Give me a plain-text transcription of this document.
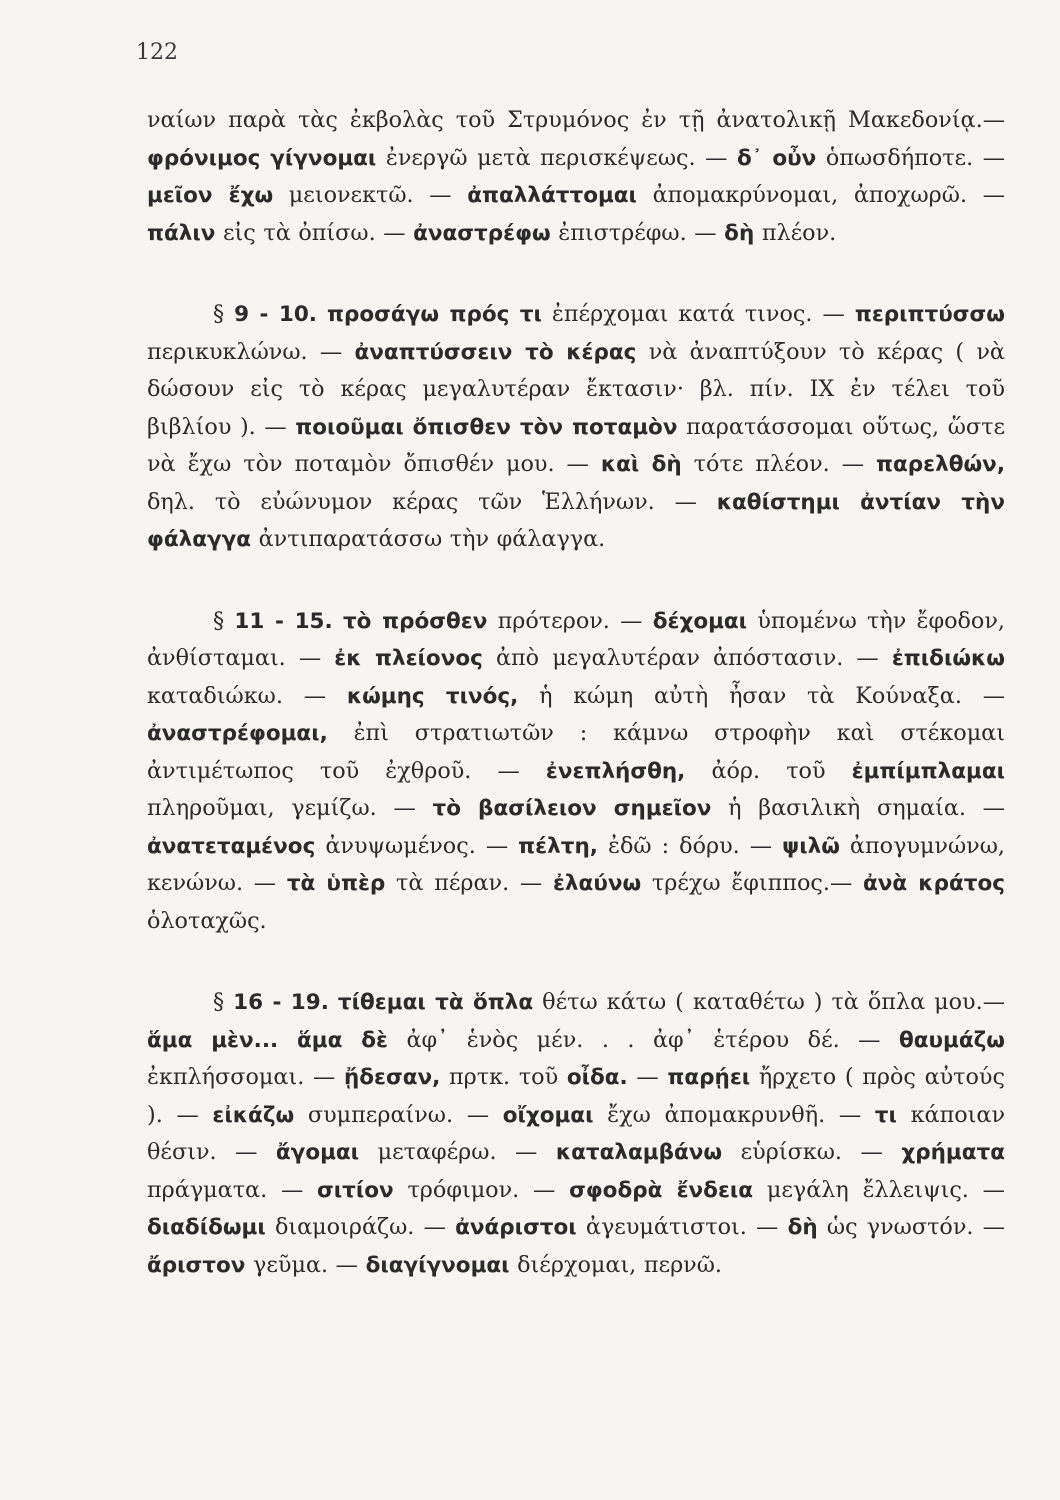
122

ναίων παρὰ τὰς ἐκβολὰς τοῦ Στρυμόνος ἐν τῇ ἀνατολικῇ Μακεδονίᾳ.— φρόνιμος γίγνομαι ἐνεργῶ μετὰ περισκέψεως. — δ᾽ οὖν ὁπωσδήποτε. — μεῖον ἔχω μειονεκτῶ. — ἀπαλλάττομαι ἀπομακρύνομαι, ἀποχωρῶ. — πάλιν εἰς τὰ ὀπίσω. — ἀναστρέφω ἐπιστρέφω. — δὴ πλέον.

§ 9 - 10. προσάγω πρός τι ἐπέρχομαι κατά τινος. — περιπτύσσω περικυκλώνω. — ἀναπτύσσειν τὸ κέρας νὰ ἀναπτύξουν τὸ κέρας ( νὰ δώσουν εἰς τὸ κέρας μεγαλυτέραν ἔκτασιν· βλ. πίν. IX ἐν τέλει τοῦ βιβλίου ). — ποιοῦμαι ὄπισθεν τὸν ποταμὸν παρατάσσομαι οὕτως, ὥστε νὰ ἔχω τὸν ποταμὸν ὄπισθέν μου. — καὶ δὴ τότε πλέον. — παρελθών, δηλ. τὸ εὐώνυμον κέρας τῶν Ἑλλήνων. — καθίστημι ἀντίαν τὴν φάλαγγα ἀντιπαρατάσσω τὴν φάλαγγα.

§ 11 - 15. τὸ πρόσθεν πρότερον. — δέχομαι ὑπομένω τὴν ἔφοδον, ἀνθίσταμαι. — ἐκ πλείονος ἀπὸ μεγαλυτέραν ἀπόστασιν. — ἐπιδιώκω καταδιώκω. — κώμης τινός, ἡ κώμη αὐτὴ ἦσαν τὰ Κούναξα. — ἀναστρέφομαι, ἐπὶ στρατιωτῶν : κάμνω στροφὴν καὶ στέκομαι ἀντιμέτωπος τοῦ ἐχθροῦ. — ἐνεπλήσθη, ἀόρ. τοῦ ἐμπίμπλαμαι πληροῦμαι, γεμίζω. — τὸ βασίλειον σημεῖον ἡ βασιλικὴ σημαία. — ἀνατεταμένος ἀνυψωμένος. — πέλτη, ἐδῶ : δόρυ. — ψιλῶ ἀπογυμνώνω, κενώνω. — τὰ ὑπὲρ τὰ πέραν. — ἐλαύνω τρέχω ἔφιππος.— ἀνὰ κράτος ὁλοταχῶς.

§ 16 - 19. τίθεμαι τὰ ὅπλα θέτω κάτω ( καταθέτω ) τὰ ὅπλα μου.— ἅμα μὲν... ἅμα δὲ ἀφ᾽ ἑνὸς μέν. . . ἀφ᾽ ἑτέρου δέ. — θαυμάζω ἐκπλήσσομαι. — ᾔδεσαν, πρτκ. τοῦ οἶδα. — παρῄει ἤρχετο ( πρὸς αὐτούς ). — εἰκάζω συμπεραίνω. — οἴχομαι ἔχω ἀπομακρυνθῆ. — τι κάποιαν θέσιν. — ἄγομαι μεταφέρω. — καταλαμβάνω εὑρίσκω. — χρήματα πράγματα. — σιτίον τρόφιμον. — σφοδρὰ ἔνδεια μεγάλη ἔλλειψις. — διαδίδωμι διαμοιράζω. — ἀνάριστοι ἀγευμάτιστοι. — δὴ ὡς γνωστόν. — ἄριστον γεῦμα. — διαγίγνομαι διέρχομαι, περνῶ.
